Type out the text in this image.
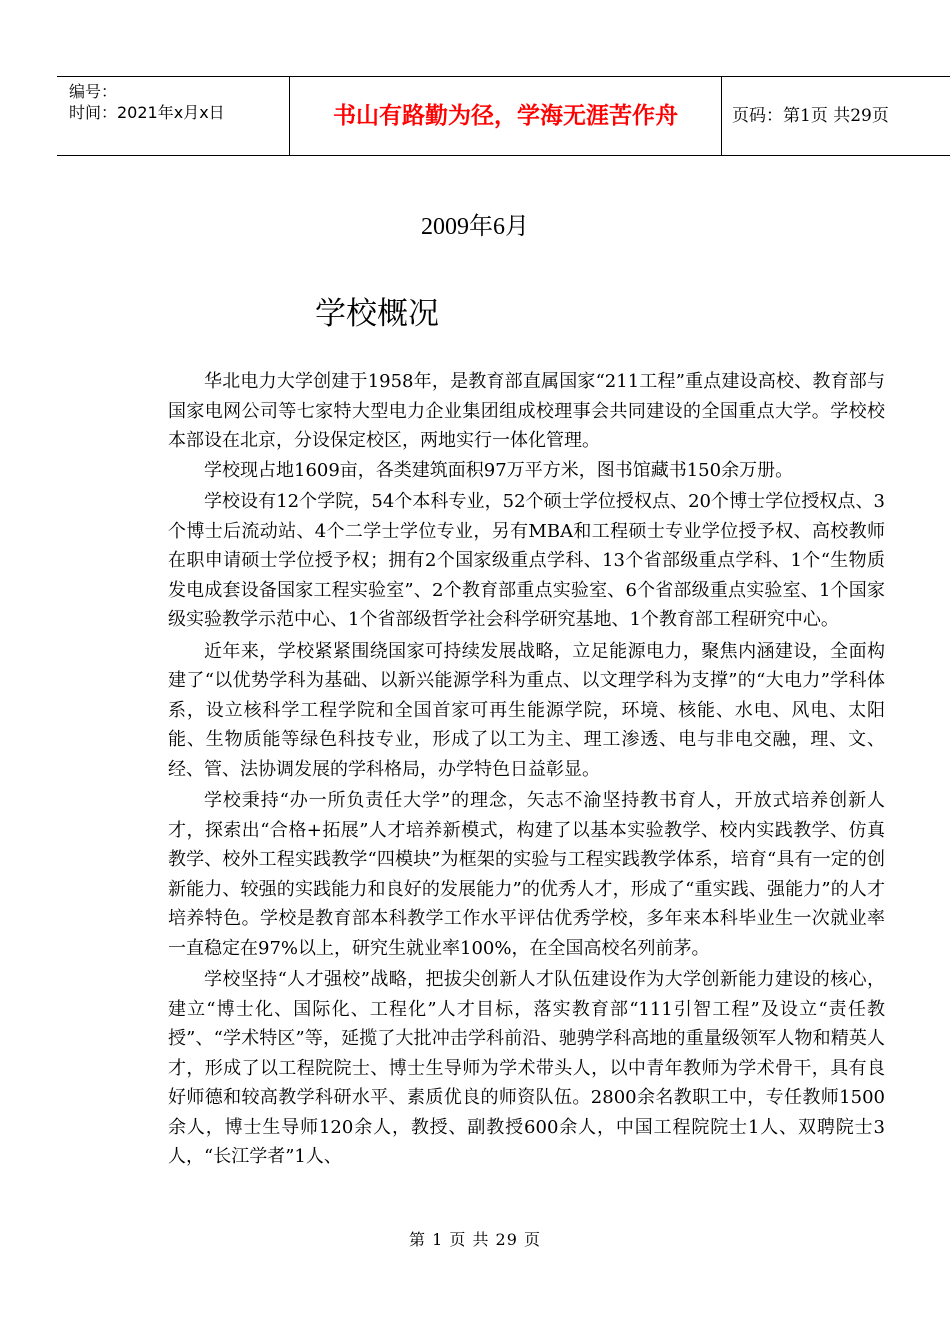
编号：
时间：2021年x月x日	书山有路勤为径，学海无涯苦作舟	页码：第1页 共29页
2009年6月
学校概况

华北电力大学创建于1958年，是教育部直属国家“211工程”重点建设高校、教育部与国家电网公司等七家特大型电力企业集团组成校理事会共同建设的全国重点大学。学校校本部设在北京，分设保定校区，两地实行一体化管理。

学校现占地1609亩，各类建筑面积97万平方米，图书馆藏书150余万册。

学校设有12个学院，54个本科专业，52个硕士学位授权点、20个博士学位授权点、3个博士后流动站、4个二学士学位专业，另有MBA和工程硕士专业学位授予权、高校教师在职申请硕士学位授予权；拥有2个国家级重点学科、13个省部级重点学科、1个“生物质发电成套设备国家工程实验室”、2个教育部重点实验室、6个省部级重点实验室、1个国家级实验教学示范中心、1个省部级哲学社会科学研究基地、1个教育部工程研究中心。

近年来，学校紧紧围绕国家可持续发展战略，立足能源电力，聚焦内涵建设，全面构建了“以优势学科为基础、以新兴能源学科为重点、以文理学科为支撑”的“大电力”学科体系，设立核科学工程学院和全国首家可再生能源学院，环境、核能、水电、风电、太阳能、生物质能等绿色科技专业，形成了以工为主、理工渗透、电与非电交融，理、文、经、管、法协调发展的学科格局，办学特色日益彰显。

学校秉持“办一所负责任大学”的理念，矢志不渝坚持教书育人，开放式培养创新人才，探索出“合格+拓展”人才培养新模式，构建了以基本实验教学、校内实践教学、仿真教学、校外工程实践教学“四模块”为框架的实验与工程实践教学体系，培育“具有一定的创新能力、较强的实践能力和良好的发展能力”的优秀人才，形成了“重实践、强能力”的人才培养特色。学校是教育部本科教学工作水平评估优秀学校，多年来本科毕业生一次就业率一直稳定在97%以上，研究生就业率100%，在全国高校名列前茅。

学校坚持“人才强校”战略，把拔尖创新人才队伍建设作为大学创新能力建设的核心，建立“博士化、国际化、工程化”人才目标，落实教育部“111引智工程”及设立“责任教授”、“学术特区”等，延揽了大批冲击学科前沿、驰骋学科高地的重量级领军人物和精英人才，形成了以工程院院士、博士生导师为学术带头人，以中青年教师为学术骨干，具有良好师德和较高教学科研水平、素质优良的师资队伍。2800余名教职工中，专任教师1500余人，博士生导师120余人，教授、副教授600余人，中国工程院院士1人、双聘院士3人，“长江学者”1人、

第 1 页 共 29 页
